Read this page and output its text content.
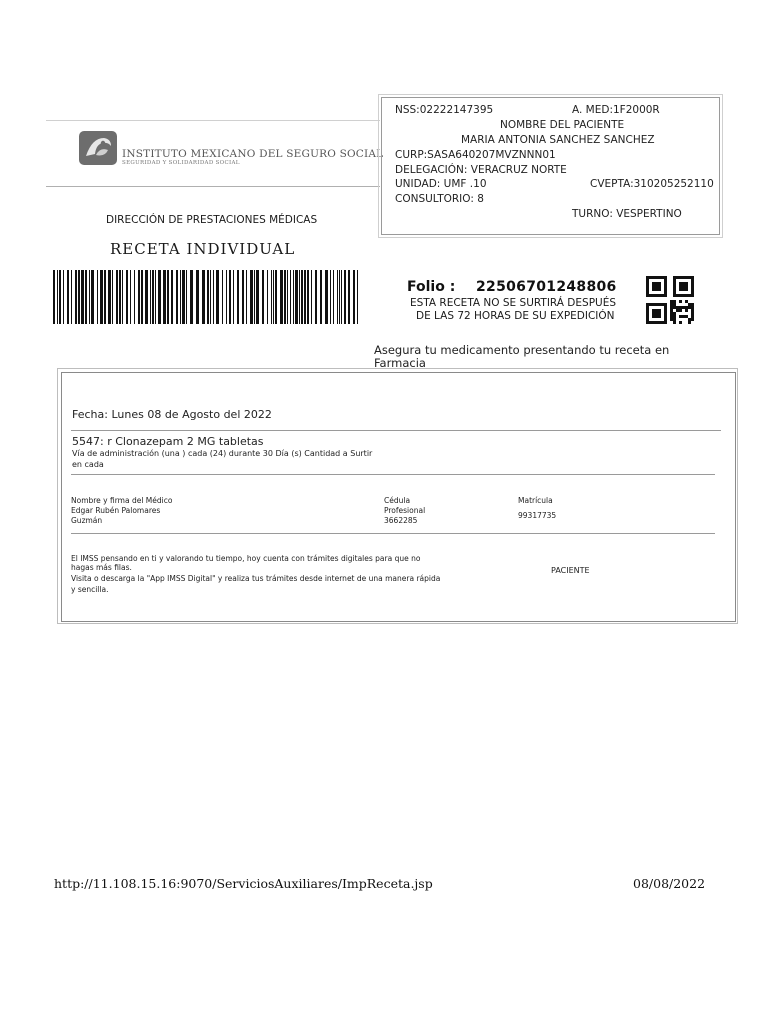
INSTITUTO MEXICANO DEL SEGURO SOCIAL
SEGURIDAD Y SOLIDARIDAD SOCIAL
DIRECCIÓN DE PRESTACIONES MÉDICAS
RECETA INDIVIDUAL
NSS:02222147395	A. MED:1F2000R
NOMBRE DEL PACIENTE
MARIA ANTONIA SANCHEZ SANCHEZ
CURP:SASA640207MVZNNN01
DELEGACIÓN: VERACRUZ NORTE
UNIDAD: UMF .10	CVEPTA:310205252110
CONSULTORIO: 8
TURNO: VESPERTINO
Folio : 22506701248806
ESTA RECETA NO SE SURTIRÁ DESPUÉS
DE LAS 72 HORAS DE SU EXPEDICIÓN
Asegura tu medicamento presentando tu receta en Farmacia
Fecha: Lunes 08 de Agosto del 2022
5547: r Clonazepam 2 MG tabletas
Vía de administración (una ) cada (24) durante 30 Día (s) Cantidad a Surtir
en cada
Nombre y firma del Médico
Edgar Rubén Palomares
Guzmán
Cédula
Profesional
3662285
Matrícula
99317735
El IMSS pensando en ti y valorando tu tiempo, hoy cuenta con trámites digitales para que no
hagas más filas.
Visita o descarga la "App IMSS Digital" y realiza tus trámites desde internet de una manera rápida
y sencilla.
PACIENTE
http://11.108.15.16:9070/ServiciosAuxiliares/ImpReceta.jsp	08/08/2022
